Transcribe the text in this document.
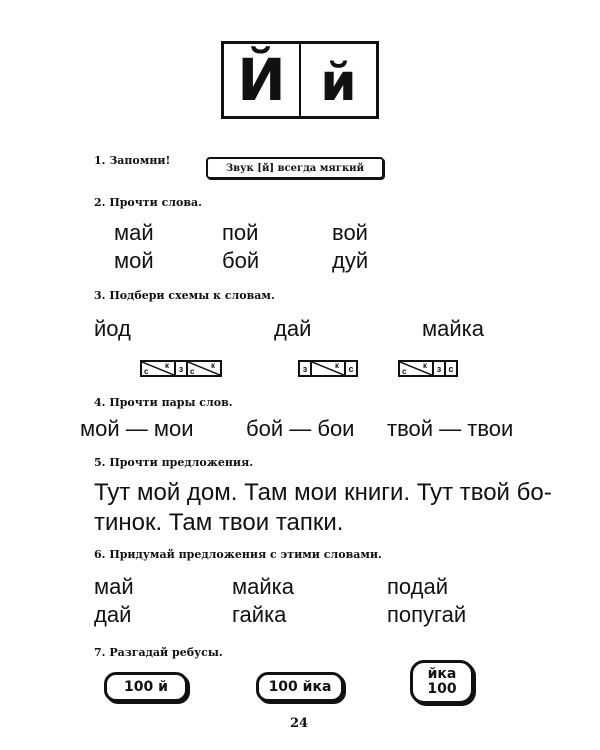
Й й
1. Запомни!
Звук [й] всегда мягкий
2. Прочти слова.
май	пой	вой
мой	бой	дуй
3. Подбери схемы к словам.
йод	дай	майка
с
к з с
к	з	к с	с
к з с
4. Прочти пары слов.
мой — мои бой — бои твой — твои
5. Прочти предложения.
Тут мой дом. Там мои книги. Тут твой бо-
тинок. Там твои тапки.
6. Придумай предложения с этими словами.
май	майка	подай
дай	гайка	попугай
7. Разгадай ребусы.
100 й	100 йка
йка
100
24
